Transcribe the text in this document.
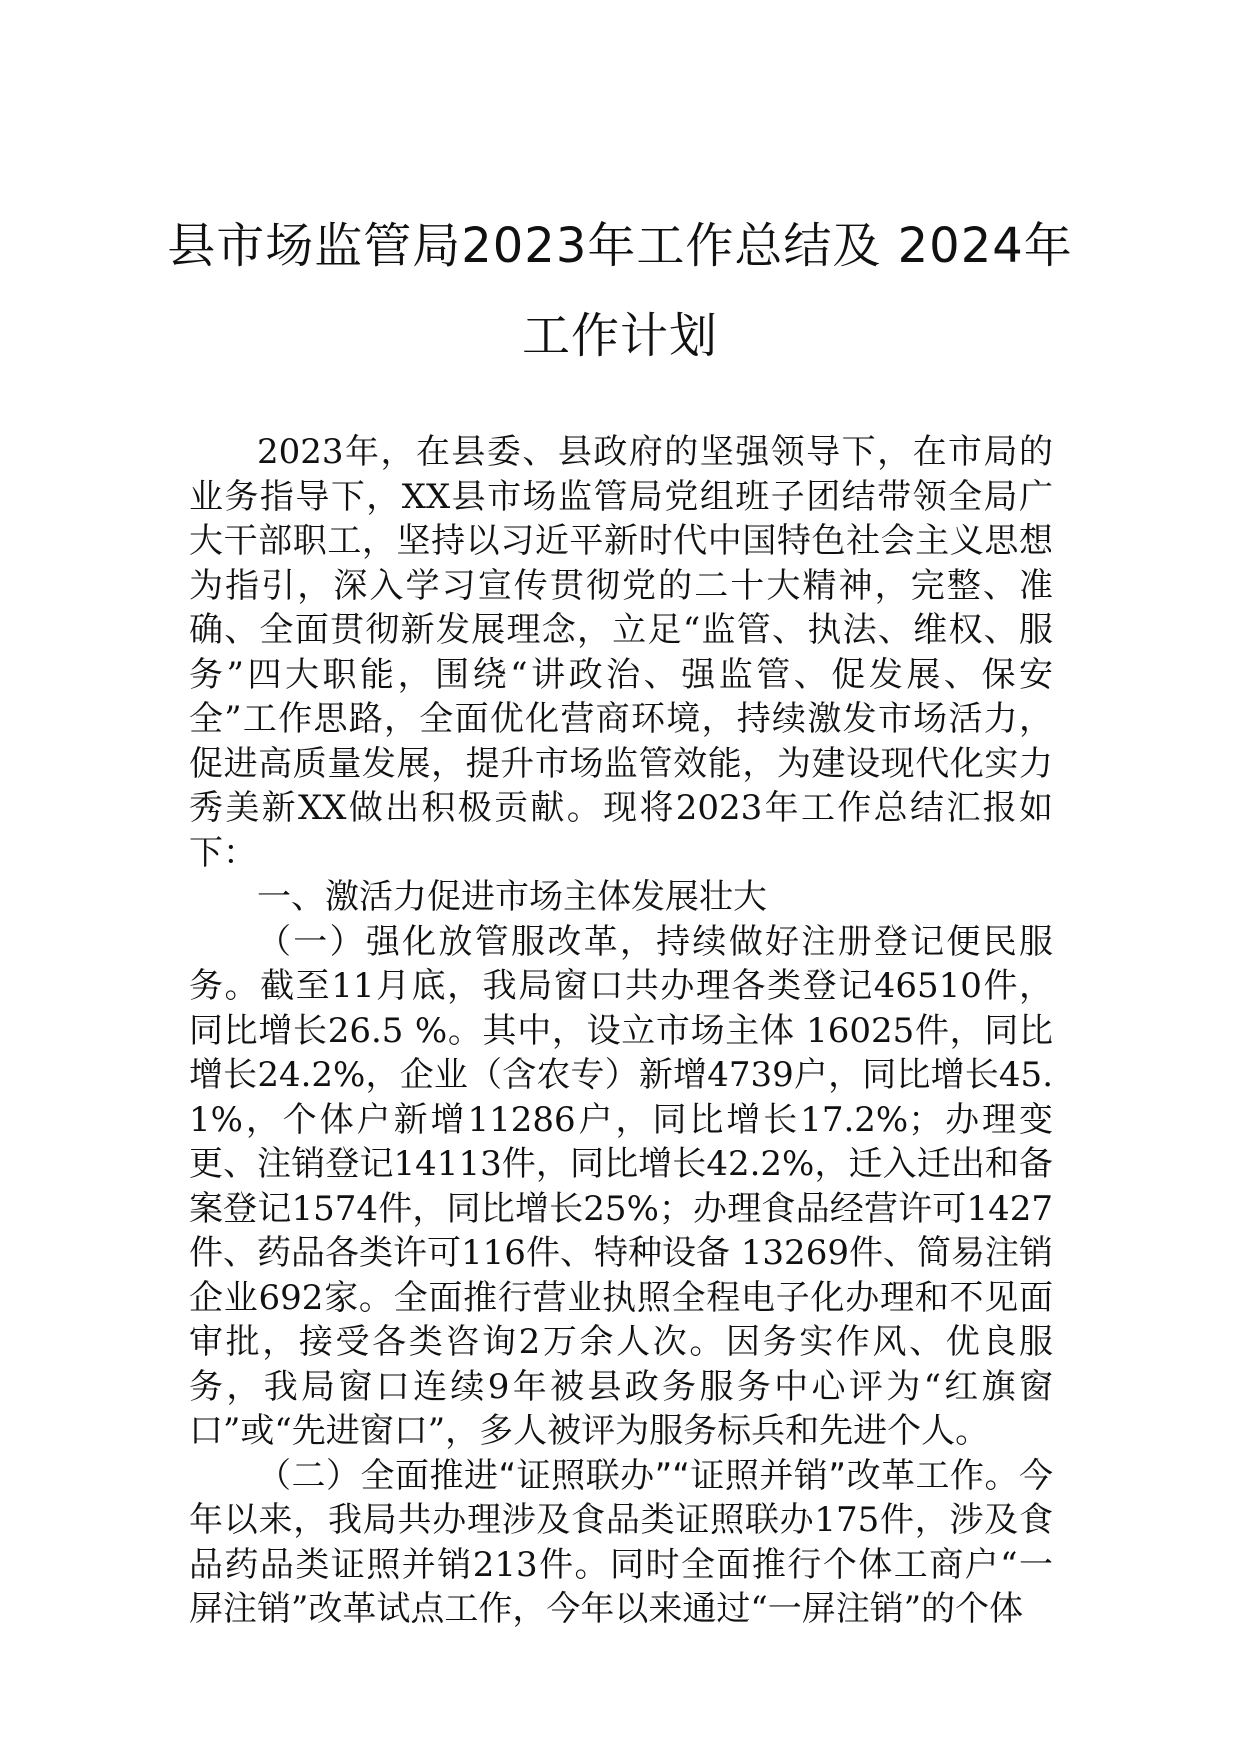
县市场监管局2023年工作总结及 2024年
工作计划

2023年，在县委、县政府的坚强领导下，在市局的业务指导下，XX县市场监管局党组班子团结带领全局广大干部职工，坚持以习近平新时代中国特色社会主义思想为指引，深入学习宣传贯彻党的二十大精神，完整、准确、全面贯彻新发展理念，立足“监管、执法、维权、服务”四大职能，围绕“讲政治、强监管、促发展、保安全”工作思路，全面优化营商环境，持续激发市场活力，促进高质量发展，提升市场监管效能，为建设现代化实力秀美新XX做出积极贡献。现将2023年工作总结汇报如下：

一、激活力促进市场主体发展壮大

（一）强化放管服改革，持续做好注册登记便民服务。截至11月底，我局窗口共办理各类登记46510件，同比增长26.5 %。其中，设立市场主体 16025件，同比增长24.2%，企业（含农专）新增4739户，同比增长45.1%，个体户新增11286户，同比增长17.2%；办理变更、注销登记14113件，同比增长42.2%，迁入迁出和备案登记1574件，同比增长25%；办理食品经营许可1427件、药品各类许可116件、特种设备 13269件、简易注销企业692家。全面推行营业执照全程电子化办理和不见面审批，接受各类咨询2万余人次。因务实作风、优良服务，我局窗口连续9年被县政务服务中心评为“红旗窗口”或“先进窗口”，多人被评为服务标兵和先进个人。

（二）全面推进“证照联办”“证照并销”改革工作。今年以来，我局共办理涉及食品类证照联办175件，涉及食品药品类证照并销213件。同时全面推行个体工商户“一屏注销”改革试点工作，今年以来通过“一屏注销”的个体
